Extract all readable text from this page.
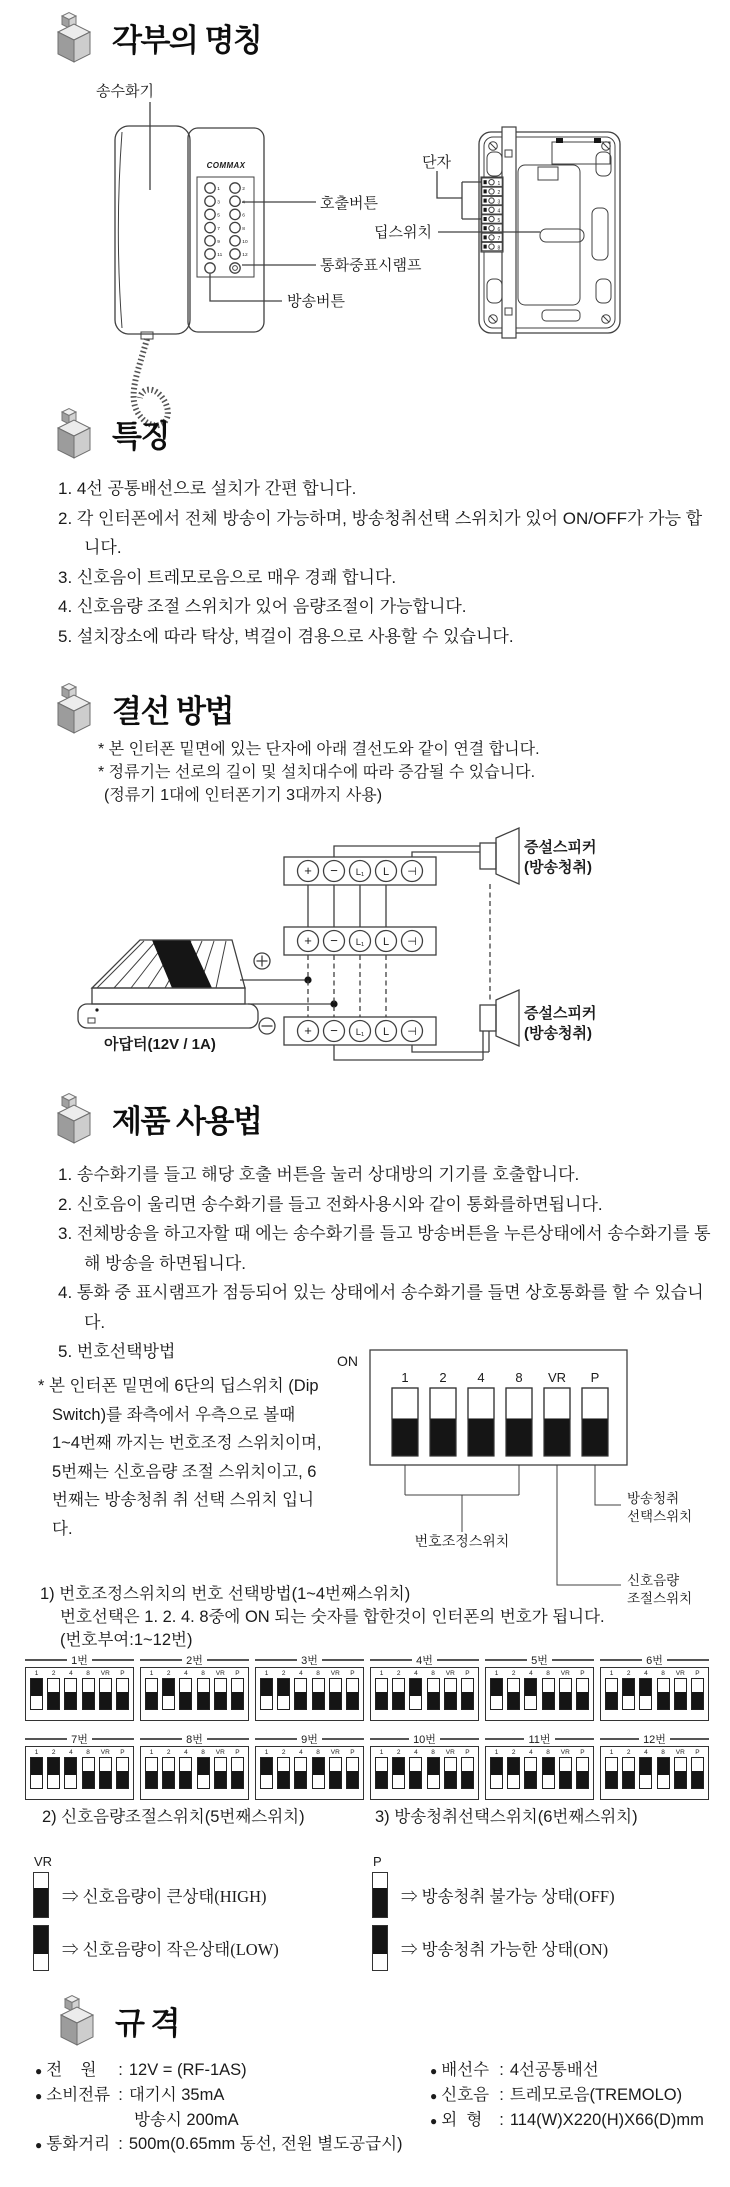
송수화기
COMMAX
1	2
3	4
5	6
7	8
9	10
11	12
호출버튼
통화중표시램프
방송버튼
1
2
3
4
5
6
7
8
단자
딥스위치
아답터(12V / 1A)
+ − L₁ L ⊣
+ − L₁ L ⊣
+ − L₁ L ⊣
증설스피커
(방송청취)
증설스피커
(방송청취)
ON
1 2 4 8 VR P
번호조정스위치
방송청취
선택스위치
신호음량
조절스위치
각부의 명칭
특징
1. 4선 공통배선으로 설치가 간편 합니다.
2. 각 인터폰에서 전체 방송이 가능하며, 방송청취선택 스위치가 있어 ON/OFF가 가능 합니다.
3. 신호음이 트레모로음으로 매우 경쾌 합니다.
4. 신호음량 조절 스위치가 있어 음량조절이 가능합니다.
5. 설치장소에 따라 탁상, 벽걸이 겸용으로 사용할 수 있습니다.
결선 방법
* 본 인터폰 밑면에 있는 단자에 아래 결선도와 같이 연결 합니다.
* 정류기는 선로의 길이 및 설치대수에 따라 증감될 수 있습니다.
(정류기 1대에 인터폰기기 3대까지 사용)
제품 사용법
1. 송수화기를 들고 해당 호출 버튼을 눌러 상대방의 기기를 호출합니다.
2. 신호음이 울리면 송수화기를 들고 전화사용시와 같이 통화를하면됩니다.
3. 전체방송을 하고자할 때 에는 송수화기를 들고 방송버튼을 누른상태에서 송수화기를 통해 방송을 하면됩니다.
4. 통화 중 표시램프가 점등되어 있는 상태에서 송수화기를 들면 상호통화를 할 수 있습니다.
5. 번호선택방법
* 본 인터폰 밑면에 6단의 딥스위치 (Dip Switch)를 좌측에서 우측으로 볼때 1~4번째 까지는 번호조정 스위치이며, 5번째는 신호음량 조절 스위치이고, 6번째는 방송청취 취 선택 스위치 입니다.
1) 번호조정스위치의 번호 선택방법(1~4번째스위치)
번호선택은 1. 2. 4. 8중에 ON 되는 숫자를 합한것이 인터폰의 번호가 됩니다.
(번호부여:1~12번)
1번
1 2 4 8 VR P
2번
1 2 4 8 VR P
3번
1 2 4 8 VR P
4번
1 2 4 8 VR P
5번
1 2 4 8 VR P
6번
1 2 4 8 VR P
7번
1 2 4 8 VR P
8번
1 2 4 8 VR P
9번
1 2 4 8 VR P
10번
1 2 4 8 VR P
11번
1 2 4 8 VR P
12번
1 2 4 8 VR P
2) 신호음량조절스위치(5번째스위치)	3) 방송청취선택스위치(6번째스위치)
VR
⇒ 신호음량이 큰상태(HIGH)
⇒ 신호음량이 작은상태(LOW)
P
⇒ 방송청취 불가능 상태(OFF)
⇒ 방송청취 가능한 상태(ON)
규 격
● 전    원	: 12V = (RF-1AS)
● 소비전류 : 대기시 35mA
방송시 200mA
● 통화거리 : 500m(0.65mm 동선, 전원 별도공급시)
● 배선수 : 4선공통배선
● 신호음 : 트레모로음(TREMOLO)
● 외  형	: 114(W)X220(H)X66(D)mm
